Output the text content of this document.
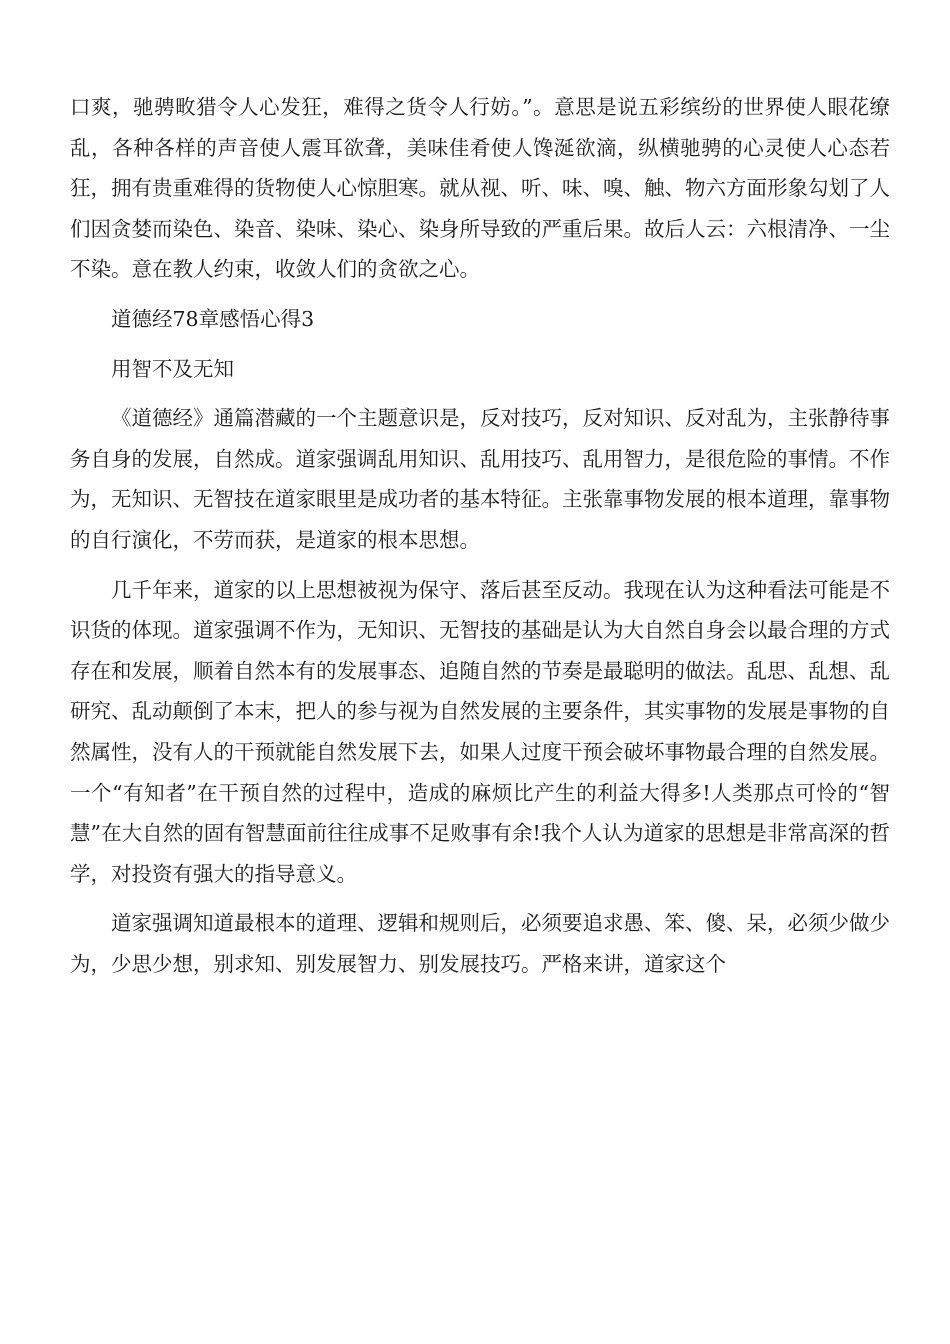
口爽，驰骋畋猎令人心发狂，难得之货令人行妨。”。意思是说五彩缤纷的世界使人眼花缭乱，各种各样的声音使人震耳欲聋，美味佳肴使人馋涎欲滴，纵横驰骋的心灵使人心态若狂，拥有贵重难得的货物使人心惊胆寒。就从视、听、味、嗅、触、物六方面形象勾划了人们因贪婪而染色、染音、染味、染心、染身所导致的严重后果。故后人云：六根清净、一尘不染。意在教人约束，收敛人们的贪欲之心。

道德经78章感悟心得3

用智不及无知

《道德经》通篇潜藏的一个主题意识是，反对技巧，反对知识、反对乱为，主张静待事务自身的发展，自然成。道家强调乱用知识、乱用技巧、乱用智力，是很危险的事情。不作为，无知识、无智技在道家眼里是成功者的基本特征。主张靠事物发展的根本道理，靠事物的自行演化，不劳而获，是道家的根本思想。

几千年来，道家的以上思想被视为保守、落后甚至反动。我现在认为这种看法可能是不识货的体现。道家强调不作为，无知识、无智技的基础是认为大自然自身会以最合理的方式存在和发展，顺着自然本有的发展事态、追随自然的节奏是最聪明的做法。乱思、乱想、乱研究、乱动颠倒了本末，把人的参与视为自然发展的主要条件，其实事物的发展是事物的自然属性，没有人的干预就能自然发展下去，如果人过度干预会破坏事物最合理的自然发展。一个“有知者”在干预自然的过程中，造成的麻烦比产生的利益大得多!人类那点可怜的“智慧”在大自然的固有智慧面前往往成事不足败事有余!我个人认为道家的思想是非常高深的哲学，对投资有强大的指导意义。

道家强调知道最根本的道理、逻辑和规则后，必须要追求愚、笨、傻、呆，必须少做少为，少思少想，别求知、别发展智力、别发展技巧。严格来讲，道家这个
